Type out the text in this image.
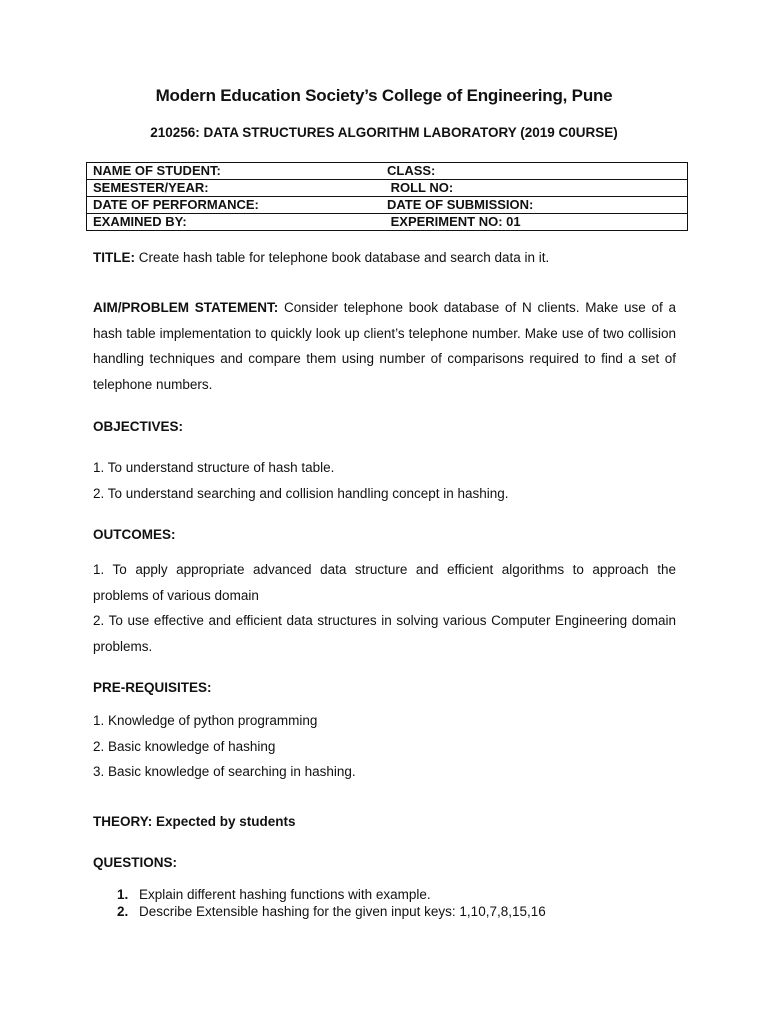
Modern Education Society’s College of Engineering, Pune
210256: DATA STRUCTURES ALGORITHM LABORATORY (2019 C0URSE)
NAME OF STUDENT:	CLASS:
SEMESTER/YEAR:	ROLL NO:
DATE OF PERFORMANCE:	DATE OF SUBMISSION:
EXAMINED BY:	EXPERIMENT NO: 01
TITLE: Create hash table for telephone book database and search data in it.
AIM/PROBLEM STATEMENT: Consider telephone book database of N clients. Make use of a hash table implementation to quickly look up client’s telephone number. Make use of two collision handling techniques and compare them using number of comparisons required to find a set of telephone numbers.
OBJECTIVES:
1. To understand structure of hash table.
2. To understand searching and collision handling concept in hashing.
OUTCOMES:
1. To apply appropriate advanced data structure and efficient algorithms to approach the problems of various domain
2. To use effective and efficient data structures in solving various Computer Engineering domain problems.
PRE-REQUISITES:
1. Knowledge of python programming
2. Basic knowledge of hashing
3. Basic knowledge of searching in hashing.
THEORY: Expected by students
QUESTIONS:
1. Explain different hashing functions with example.
2. Describe Extensible hashing for the given input keys: 1,10,7,8,15,16
